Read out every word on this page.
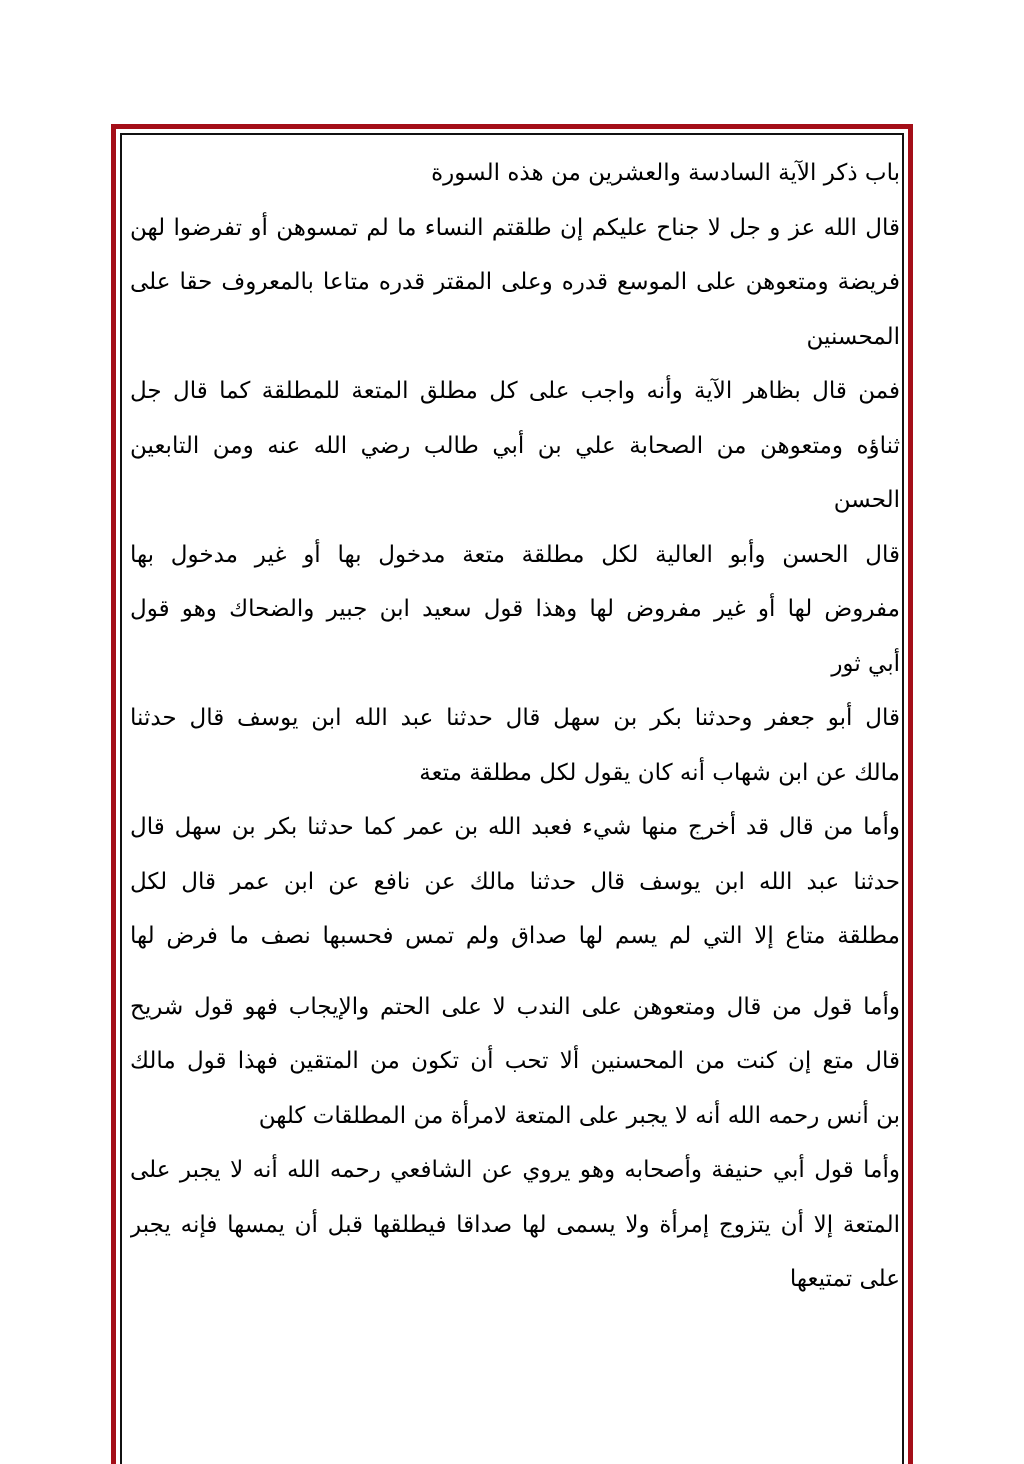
باب ذكر الآية السادسة والعشرين من هذه السورة
قال الله عز و جل لا جناح عليكم إن طلقتم النساء ما لم تمسوهن أو تفرضوا لهن
فريضة ومتعوهن على الموسع قدره وعلى المقتر قدره متاعا بالمعروف حقا على
المحسنين
فمن قال بظاهر الآية وأنه واجب على كل مطلق المتعة للمطلقة كما قال جل
ثناؤه ومتعوهن من الصحابة علي بن أبي طالب رضي الله عنه ومن التابعين
الحسن
قال الحسن وأبو العالية لكل مطلقة متعة مدخول بها أو غير مدخول بها
مفروض لها أو غير مفروض لها وهذا قول سعيد ابن جبير والضحاك وهو قول
أبي ثور
قال أبو جعفر وحدثنا بكر بن سهل قال حدثنا عبد الله ابن يوسف قال حدثنا
مالك عن ابن شهاب أنه كان يقول لكل مطلقة متعة
وأما من قال قد أخرج منها شيء فعبد الله بن عمر كما حدثنا بكر بن سهل قال
حدثنا عبد الله ابن يوسف قال حدثنا مالك عن نافع عن ابن عمر قال لكل
مطلقة متاع إلا التي لم يسم لها صداق ولم تمس فحسبها نصف ما فرض لها
وأما قول من قال ومتعوهن على الندب لا على الحتم والإيجاب فهو قول شريح
قال متع إن كنت من المحسنين ألا تحب أن تكون من المتقين فهذا قول مالك
بن أنس رحمه الله أنه لا يجبر على المتعة لامرأة من المطلقات كلهن
وأما قول أبي حنيفة وأصحابه وهو يروي عن الشافعي رحمه الله أنه لا يجبر على
المتعة إلا أن يتزوج إمرأة ولا يسمى لها صداقا فيطلقها قبل أن يمسها فإنه يجبر
على تمتيعها
